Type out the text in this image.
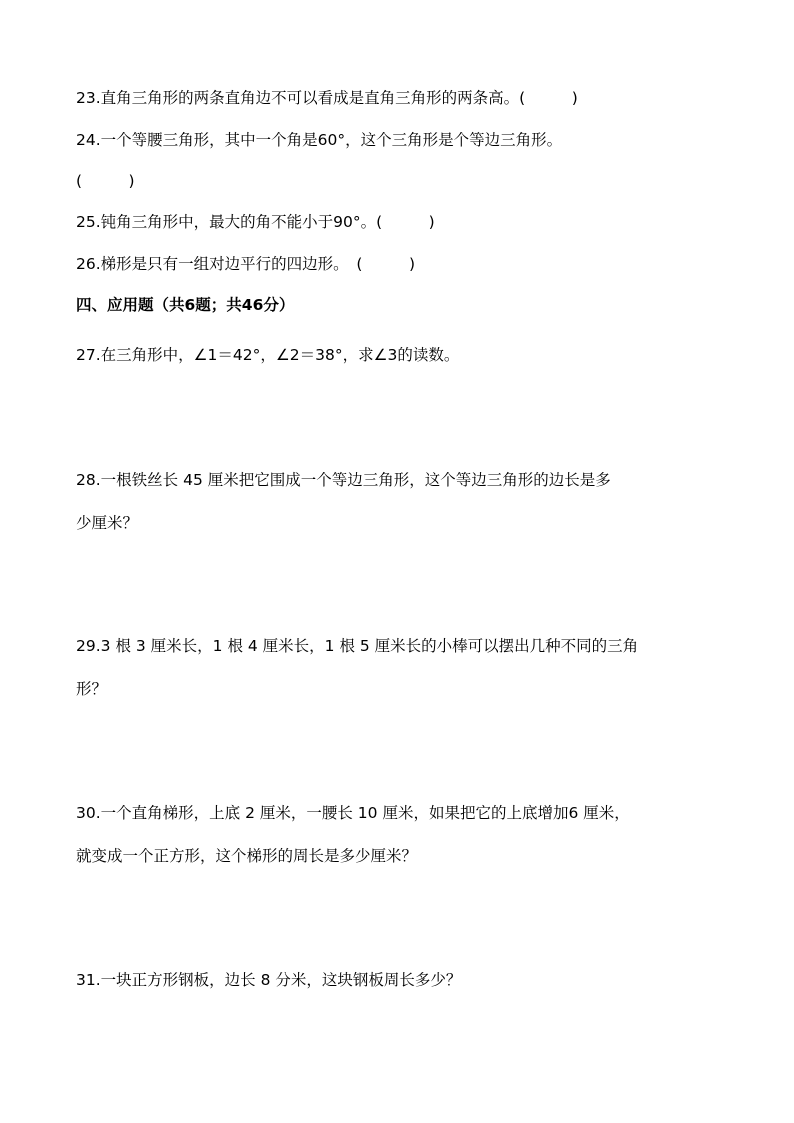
23.直角三角形的两条直角边不可以看成是直角三角形的两条高。(　　　)
24.一个等腰三角形，其中一个角是60°，这个三角形是个等边三角形。
(　　　)
25.钝角三角形中，最大的角不能小于90°。(　　　)
26.梯形是只有一组对边平行的四边形。　(　　　)
四、应用题（共6题；共46分）
27.在三角形中，∠1＝42°，∠2＝38°，求∠3的读数。
28.一根铁丝长 45 厘米把它围成一个等边三角形，这个等边三角形的边长是多
少厘米？
29.3 根 3 厘米长，1 根 4 厘米长，1 根 5 厘米长的小棒可以摆出几种不同的三角
形？
30.一个直角梯形，上底 2 厘米，一腰长 10 厘米，如果把它的上底增加6 厘米，
就变成一个正方形，这个梯形的周长是多少厘米？
31.一块正方形钢板，边长 8 分米，这块钢板周长多少？
